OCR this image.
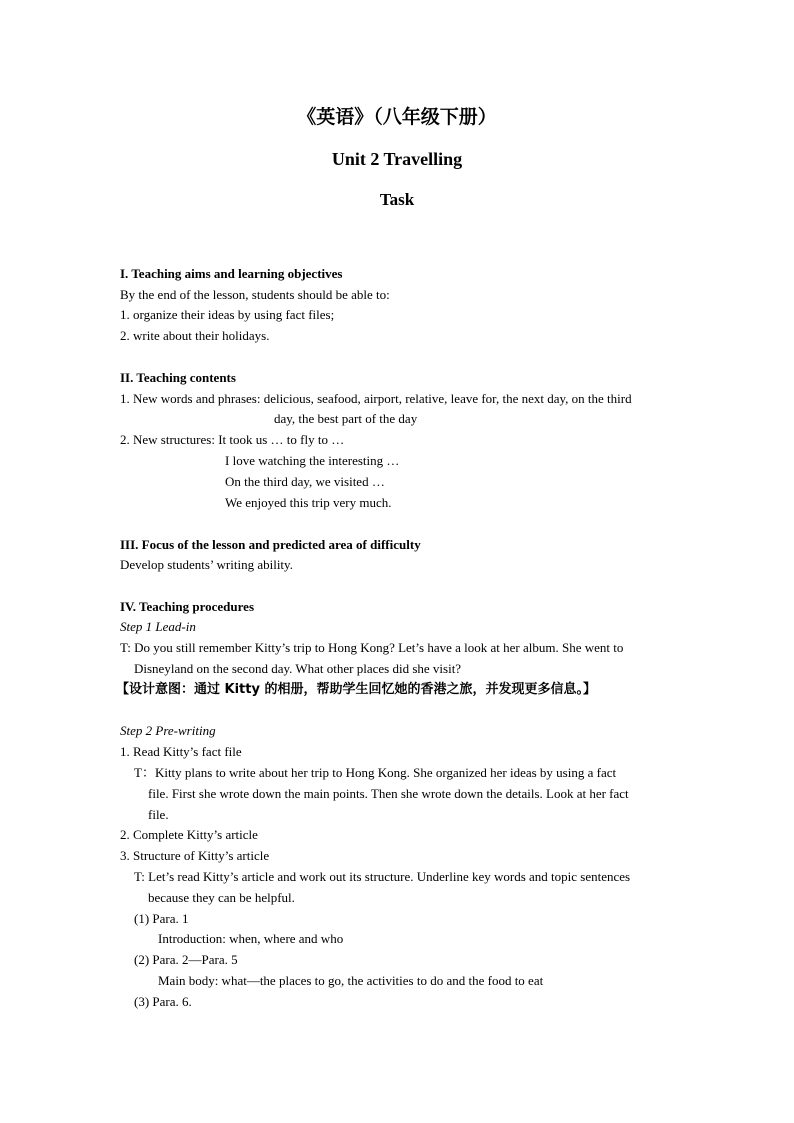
《英语》（八年级下册）
Unit 2 Travelling
Task
I. Teaching aims and learning objectives
By the end of the lesson, students should be able to:
1. organize their ideas by using fact files;
2. write about their holidays.
II. Teaching contents
1. New words and phrases: delicious, seafood, airport, relative, leave for, the next day, on the third
day, the best part of the day
2. New structures: It took us … to fly to …
I love watching the interesting …
On the third day, we visited …
We enjoyed this trip very much.
III. Focus of the lesson and predicted area of difficulty
Develop students’ writing ability.
IV. Teaching procedures
Step 1 Lead-in
T: Do you still remember Kitty’s trip to Hong Kong? Let’s have a look at her album. She went to
Disneyland on the second day. What other places did she visit?
【设计意图：通过 Kitty 的相册，帮助学生回忆她的香港之旅，并发现更多信息。】
Step 2 Pre-writing
1. Read Kitty’s fact file
T：Kitty plans to write about her trip to Hong Kong. She organized her ideas by using a fact
file. First she wrote down the main points. Then she wrote down the details. Look at her fact
file.
2. Complete Kitty’s article
3. Structure of Kitty’s article
T: Let’s read Kitty’s article and work out its structure. Underline key words and topic sentences
because they can be helpful.
(1) Para. 1
Introduction: when, where and who
(2) Para. 2—Para. 5
Main body: what—the places to go, the activities to do and the food to eat
(3) Para. 6.
